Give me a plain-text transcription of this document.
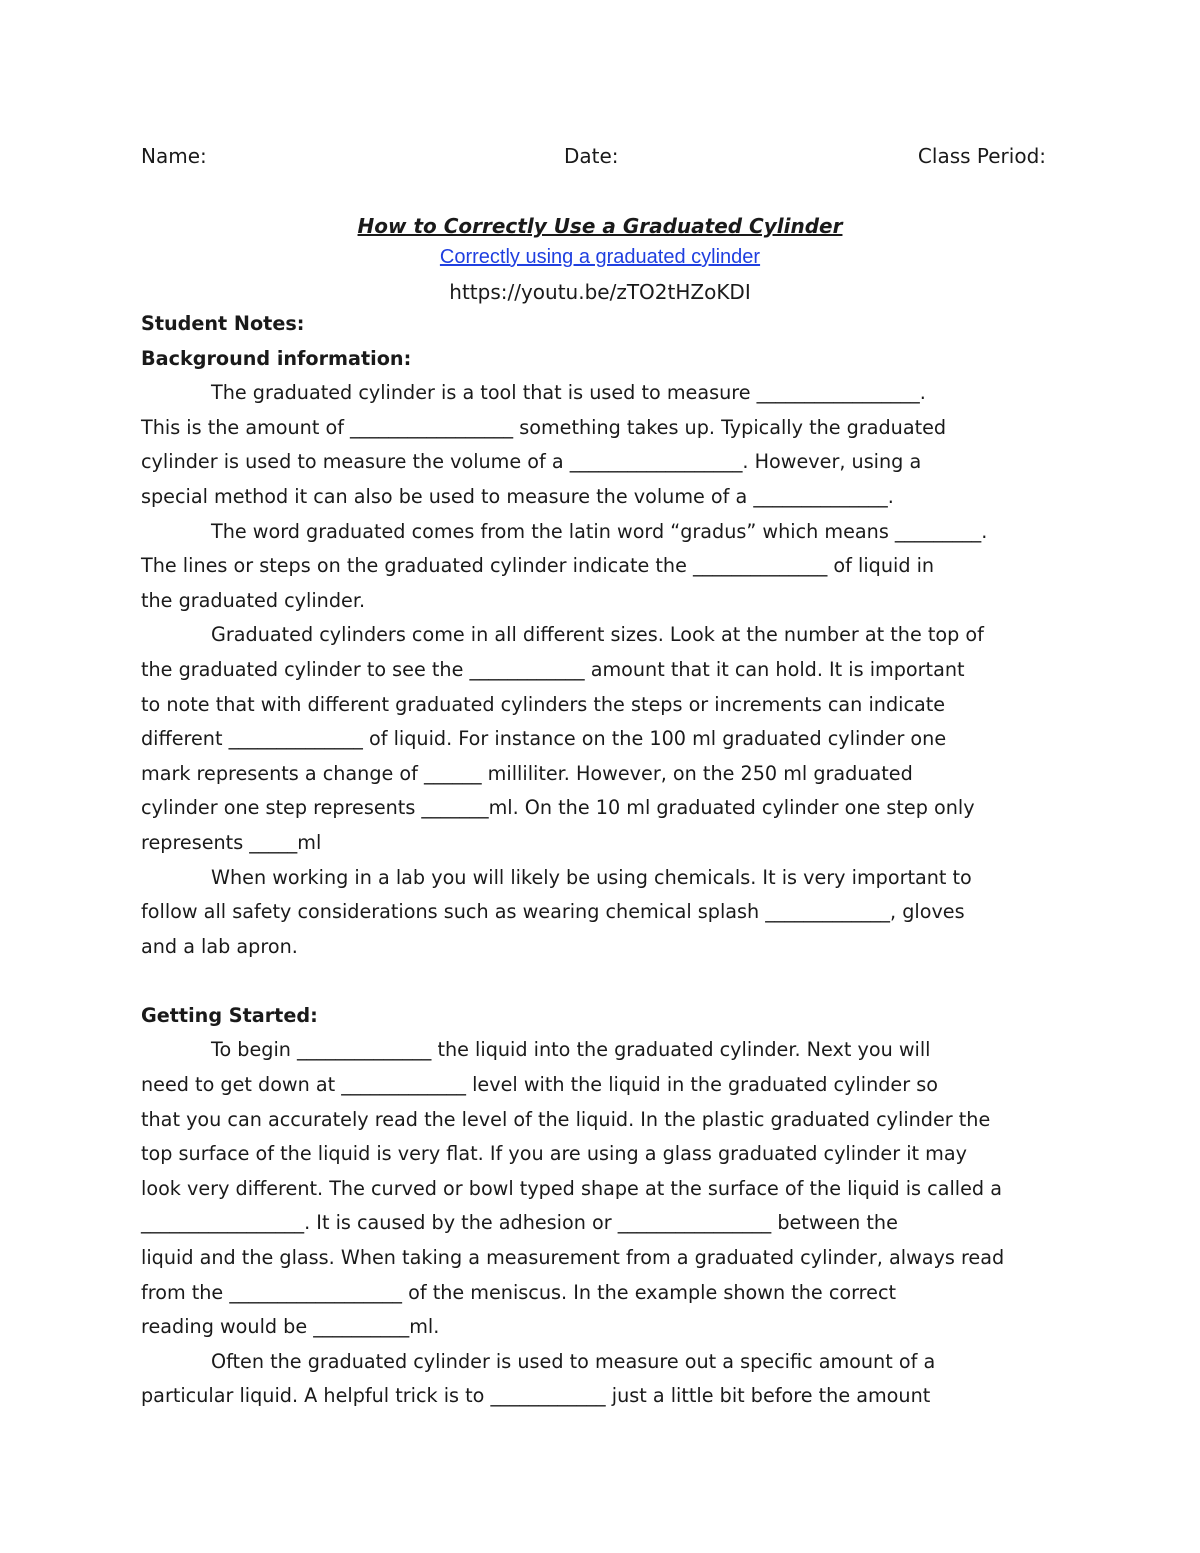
Name:	Date:	Class Period:
How to Correctly Use a Graduated Cylinder
Correctly using a graduated cylinder
https://youtu.be/zTO2tHZoKDI
Student Notes:
Background information:
The graduated cylinder is a tool that is used to measure _________________.
This is the amount of _________________ something takes up. Typically the graduated
cylinder is used to measure the volume of a __________________. However, using a
special method it can also be used to measure the volume of a ______________.
The word graduated comes from the latin word “gradus” which means _________.
The lines or steps on the graduated cylinder indicate the ______________ of liquid in
the graduated cylinder.
Graduated cylinders come in all different sizes. Look at the number at the top of
the graduated cylinder to see the ____________ amount that it can hold. It is important
to note that with different graduated cylinders the steps or increments can indicate
different ______________ of liquid. For instance on the 100 ml graduated cylinder one
mark represents a change of ______ milliliter. However, on the 250 ml graduated
cylinder one step represents _______ml. On the 10 ml graduated cylinder one step only
represents _____ml
When working in a lab you will likely be using chemicals. It is very important to
follow all safety considerations such as wearing chemical splash _____________, gloves
and a lab apron.
Getting Started:
To begin ______________ the liquid into the graduated cylinder. Next you will
need to get down at _____________ level with the liquid in the graduated cylinder so
that you can accurately read the level of the liquid. In the plastic graduated cylinder the
top surface of the liquid is very flat. If you are using a glass graduated cylinder it may
look very different. The curved or bowl typed shape at the surface of the liquid is called a
_________________. It is caused by the adhesion or ________________ between the
liquid and the glass. When taking a measurement from a graduated cylinder, always read
from the __________________ of the meniscus. In the example shown the correct
reading would be __________ml.
Often the graduated cylinder is used to measure out a specific amount of a
particular liquid. A helpful trick is to ____________ just a little bit before the amount
